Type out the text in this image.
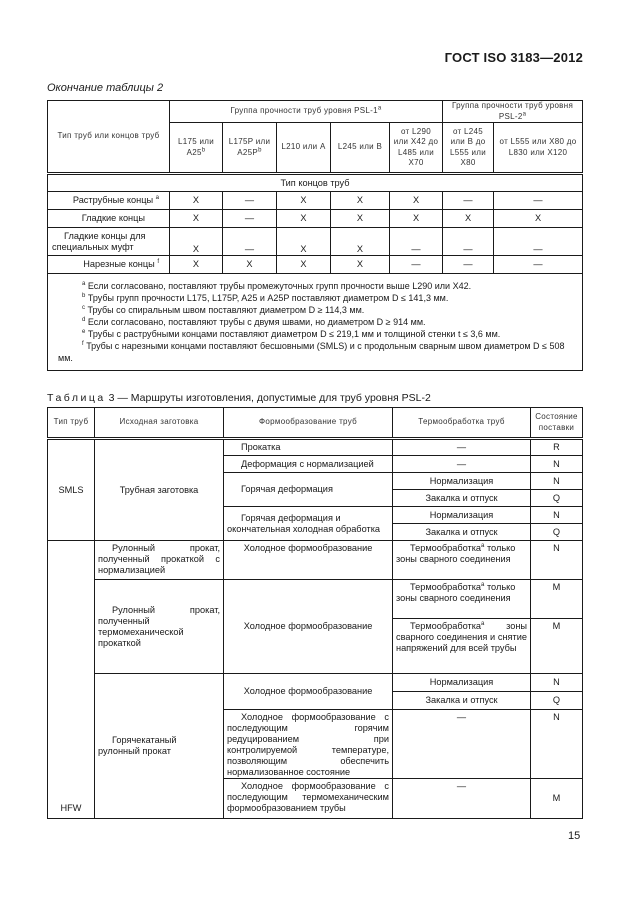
ГОСТ ISO 3183—2012
Окончание таблицы 2
Тип труб или концов труб	Группа прочности труб уровня PSL-1$^a$					Группа прочности труб уровня PSL-2$^a$
	L175 или A25$^b$	L175P или $A25P^b$	L210 или A	L245 или B	от L290 или X42 до L485 или X70	от L245 или B до L555 или X80	от L555 или X80 до L830 или X120
Тип концов труб							
Раструбные концы $^a$	X	—	X	X	X	—	—
Гладкие концы	X	—	X	X	X	X	X
Гладкие концы для специальных муфт	X	—	X	X	—	—	—
Нарезные концы $^f$	X	X	X	X	—	—	—

$^a$ Если согласовано, поставляют трубы промежуточных групп прочности выше L290 или X42.

$^b$ Трубы групп прочности L175, L175P, A25 и A25P поставляют диаметром D ≤ 141,3 мм.

$^c$ Трубы со спиральным швом поставляют диаметром D ≥ 114,3 мм.

$^d$ Если согласовано, поставляют трубы с двумя швами, но диаметром D ≥ 914 мм.

$^e$ Трубы с раструбными концами поставляют диаметром D ≤ 219,1 мм и толщиной стенки t ≤ 3,6 мм.

$^f$ Трубы с нарезными концами поставляют бесшовными (SMLS) и с продольным сварным швом диаметром D ≤ 508 мм.

Таблица 3 — Маршруты изготовления, допустимые для труб уровня PSL-2
Тип труб	Исходная заготовка	Формообразование труб	Термообработка труб	Состояние поставки
SMLS	Трубная заготовка	Прокатка	—	R
		Деформация с нормализацией	—	N
		Горячая деформация	Нормализация	N
			Закалка и отпуск	Q
		Горячая деформация и окончательная холодная обработка	Нормализация	N
			Закалка и отпуск	Q
HFW	Рулонный прокат, полученный прокаткой с нормализацией	Холодное формообразование	Термообработка$^a$ только зоны сварного соединения	N
	Рулонный прокат, полученный термомеханической прокаткой	Холодное формообразование	Термообработка$^a$ только зоны сварного соединения	M
			Термообработка$^a$ зоны сварного соединения и снятие напряжений для всей трубы	M
	Горячекатаный рулонный прокат	Холодное формообразование	Нормализация	N
			Закалка и отпуск	Q
		Холодное формообразование с последующим горячим редуцированием при контролируемой температуре, позволяющим обеспечить нормализованное состояние	—	N
		Холодное формообразование с последующим термомеханическим формообразованием трубы	—	M
15
